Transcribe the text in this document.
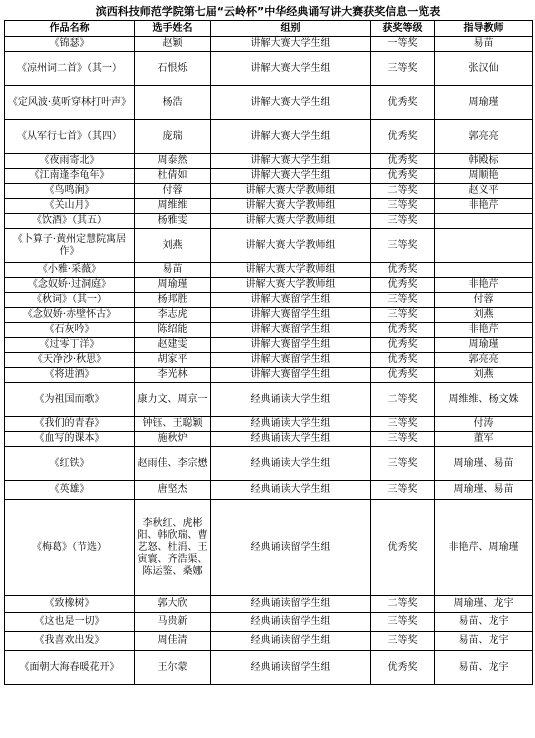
滨西科技师范学院第七届“云岭杯”中华经典诵写讲大赛获奖信息一览表
作品名称	选手姓名	组别	获奖等级	指导教师
《锦瑟》	赵颖	讲解大赛大学生组	一等奖	易苗
《凉州词二首》（其一）	石恨烁	讲解大赛大学生组	三等奖	张汉仙
《定风波·莫听穿林打叶声》	杨浩	讲解大赛大学生组	优秀奖	周瑜瑾
《从军行七首》（其四）	庞瑞	讲解大赛大学生组	优秀奖	郭亮亮
《夜雨寄北》	周泰然	讲解大赛大学生组	优秀奖	韩殿标
《江南逢李龟年》	杜倩如	讲解大赛大学生组	优秀奖	周顺艳
《鸟鸣涧》	付蓉	讲解大赛大学教师组	二等奖	赵义平
《关山月》	周维维	讲解大赛大学教师组	三等奖	非艳芹
《饮酒》（其五）	杨雅雯	讲解大赛大学教师组	三等奖	
《卜算子·黄州定慧院寓居作》	刘燕	讲解大赛大学教师组	三等奖	
《小雅·采薇》	易苗	讲解大赛大学教师组	优秀奖	
《念奴娇·过洞庭》	周瑜瑾	讲解大赛大学教师组	优秀奖	非艳芹
《秋词》（其一）	杨邦胜	讲解大赛留学生组	三等奖	付蓉
《念奴娇·赤壁怀古》	李志虎	讲解大赛留学生组	三等奖	刘燕
《石灰吟》	陈绍能	讲解大赛留学生组	优秀奖	非艳芹
《过零丁洋》	赵建雯	讲解大赛留学生组	优秀奖	周瑜瑾
《天净沙·秋思》	胡家平	讲解大赛留学生组	优秀奖	郭亮亮
《将进酒》	李光林	讲解大赛留学生组	优秀奖	刘燕
《为祖国而歌》	康力文、周京一	经典诵读大学生组	二等奖	周维维、杨文姝
《我们的青春》	钟钰、王聪颖	经典诵读大学生组	三等奖	付涛
《血写的课本》	施秋炉	经典诵读大学生组	三等奖	董军
《红铁》	赵雨佳、李宗懋	经典诵读大学生组	三等奖	周瑜瑾、易苗
《英雄》	唐坚杰	经典诵读大学生组	三等奖	周瑜瑾、易苗
《梅葛》（节选）	李秋红、虎彬阳、韩欣瑞、曹艺怒、杜涓、王寅寰、齐浩渠、陈运鉴、桑娜	经典诵读留学生组	优秀奖	非艳芹、周瑜瑾
《致橡树》	郭大欣	经典诵读留学生组	二等奖	周瑜瑾、龙宇
《这也是一切》	马贵新	经典诵读留学生组	三等奖	易苗、龙宇
《我喜欢出发》	周佳清	经典诵读留学生组	三等奖	易苗、龙宇
《面朝大海春暖花开》	王尔蒙	经典诵读留学生组	优秀奖	易苗、龙宇
